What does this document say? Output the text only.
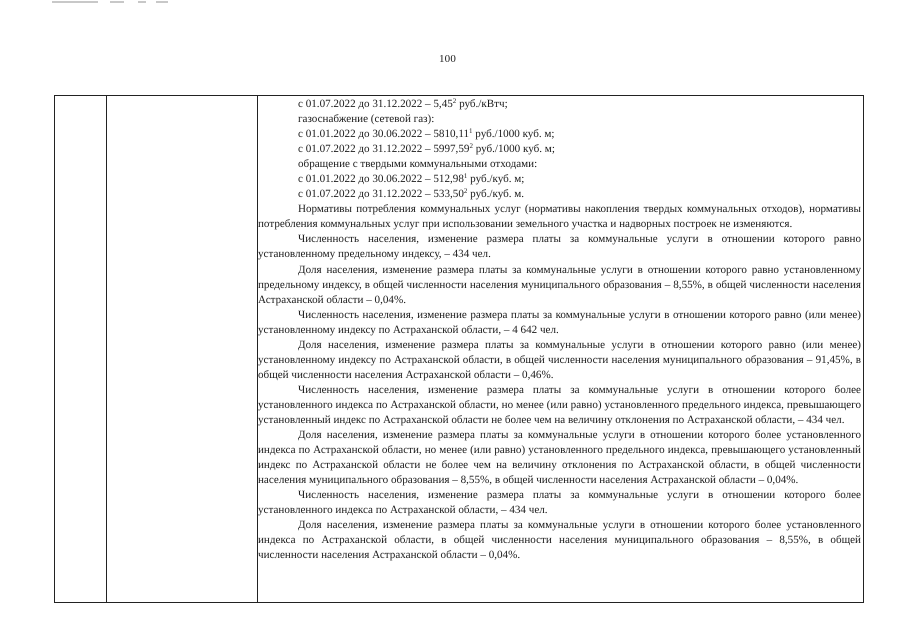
100

с 01.07.2022 до 31.12.2022 – 5,45$^2$ руб./кВтч;

газоснабжение (сетевой газ):

с 01.01.2022 до 30.06.2022 – 5810,11$^1$ руб./1000 куб. м;

с 01.07.2022 до 31.12.2022 – 5997,59$^2$ руб./1000 куб. м;

обращение с твердыми коммунальными отходами:

с 01.01.2022 до 30.06.2022 – 512,98$^1$ руб./куб. м;

с 01.07.2022 до 31.12.2022 – 533,50$^2$ руб./куб. м.

Нормативы потребления коммунальных услуг (нормативы накопления твердых коммунальных отходов), нормативы потребления коммунальных услуг при использовании земельного участка и надворных построек не изменяются.

Численность населения, изменение размера платы за коммунальные услуги в отношении которого равно установленному предельному индексу, – 434 чел.

Доля населения, изменение размера платы за коммунальные услуги в отношении которого равно установленному предельному индексу, в общей численности населения муниципального образования – 8,55%, в общей численности населения Астраханской области – 0,04%.

Численность населения, изменение размера платы за коммунальные услуги в отношении которого равно (или менее) установленному индексу по Астраханской области, – 4 642 чел.

Доля населения, изменение размера платы за коммунальные услуги в отношении которого равно (или менее) установленному индексу по Астраханской области, в общей численности населения муниципального образования – 91,45%, в общей численности населения Астраханской области – 0,46%.

Численность населения, изменение размера платы за коммунальные услуги в отношении которого более установленного индекса по Астраханской области, но менее (или равно) установленного предельного индекса, превышающего установленный индекс по Астраханской области не более чем на величину отклонения по Астраханской области, – 434 чел.

Доля населения, изменение размера платы за коммунальные услуги в отношении которого более установленного индекса по Астраханской области, но менее (или равно) установленного предельного индекса, превышающего установленный индекс по Астраханской области не более чем на величину отклонения по Астраханской области, в общей численности населения муниципального образования – 8,55%, в общей численности населения Астраханской области – 0,04%.

Численность населения, изменение размера платы за коммунальные услуги в отношении которого более установленного индекса по Астраханской области, – 434 чел.

Доля населения, изменение размера платы за коммунальные услуги в отношении которого более установленного индекса по Астраханской области, в общей численности населения муниципального образования – 8,55%, в общей численности населения Астраханской области – 0,04%.
